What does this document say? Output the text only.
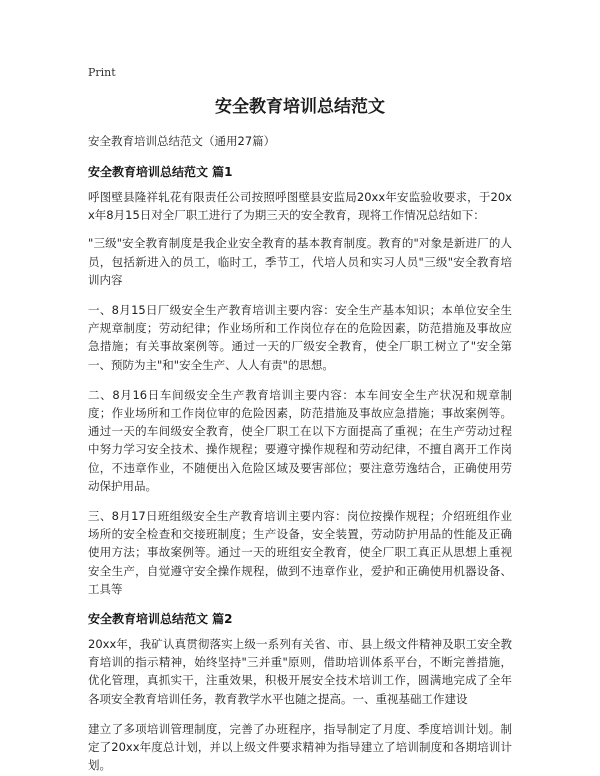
Print
安全教育培训总结范文
安全教育培训总结范文（通用27篇）
安全教育培训总结范文 篇1

呼图壁县隆祥轧花有限责任公司按照呼图壁县安监局20xx年安监验收要求，于20xx年8月15日对全厂职工进行了为期三天的安全教育，现将工作情况总结如下：

"三级"安全教育制度是我企业安全教育的基本教育制度。教育的"对象是新进厂的人员，包括新进入的员工，临时工，季节工，代培人员和实习人员"三级"安全教育培训内容

一、8月15日厂级安全生产教育培训主要内容：安全生产基本知识；本单位安全生产规章制度；劳动纪律；作业场所和工作岗位存在的危险因素，防范措施及事故应急措施；有关事故案例等。通过一天的厂级安全教育，使全厂职工树立了"安全第一、预防为主"和"安全生产、人人有责"的思想。

二、8月16日车间级安全生产教育培训主要内容：本车间安全生产状况和规章制度；作业场所和工作岗位审的危险因素，防范措施及事故应急措施；事故案例等。通过一天的车间级安全教育，使全厂职工在以下方面提高了重视；在生产劳动过程中努力学习安全技术、操作规程；要遵守操作规程和劳动纪律，不擅自离开工作岗位，不违章作业，不随便出入危险区域及要害部位；要注意劳逸结合，正确使用劳动保护用品。

三、8月17日班组级安全生产教育培训主要内容：岗位按操作规程；介绍班组作业场所的安全检查和交接班制度；生产设备，安全装置，劳动防护用品的性能及正确使用方法；事故案例等。通过一天的班组安全教育，使全厂职工真正从思想上重视安全生产，自觉遵守安全操作规程，做到不违章作业，爱护和正确使用机器设备、工具等

安全教育培训总结范文 篇2

20xx年，我矿认真贯彻落实上级一系列有关省、市、县上级文件精神及职工安全教育培训的指示精神，始终坚持"三并重"原则，借助培训体系平台，不断完善措施，优化管理，真抓实干，注重效果，积极开展安全技术培训工作，圆满地完成了全年各项安全教育培训任务，教育教学水平也随之提高。一、重视基础工作建设

建立了多项培训管理制度，完善了办班程序，指导制定了月度、季度培训计划。制定了20xx年度总计划，并以上级文件要求精神为指导建立了培训制度和各期培训计划。
